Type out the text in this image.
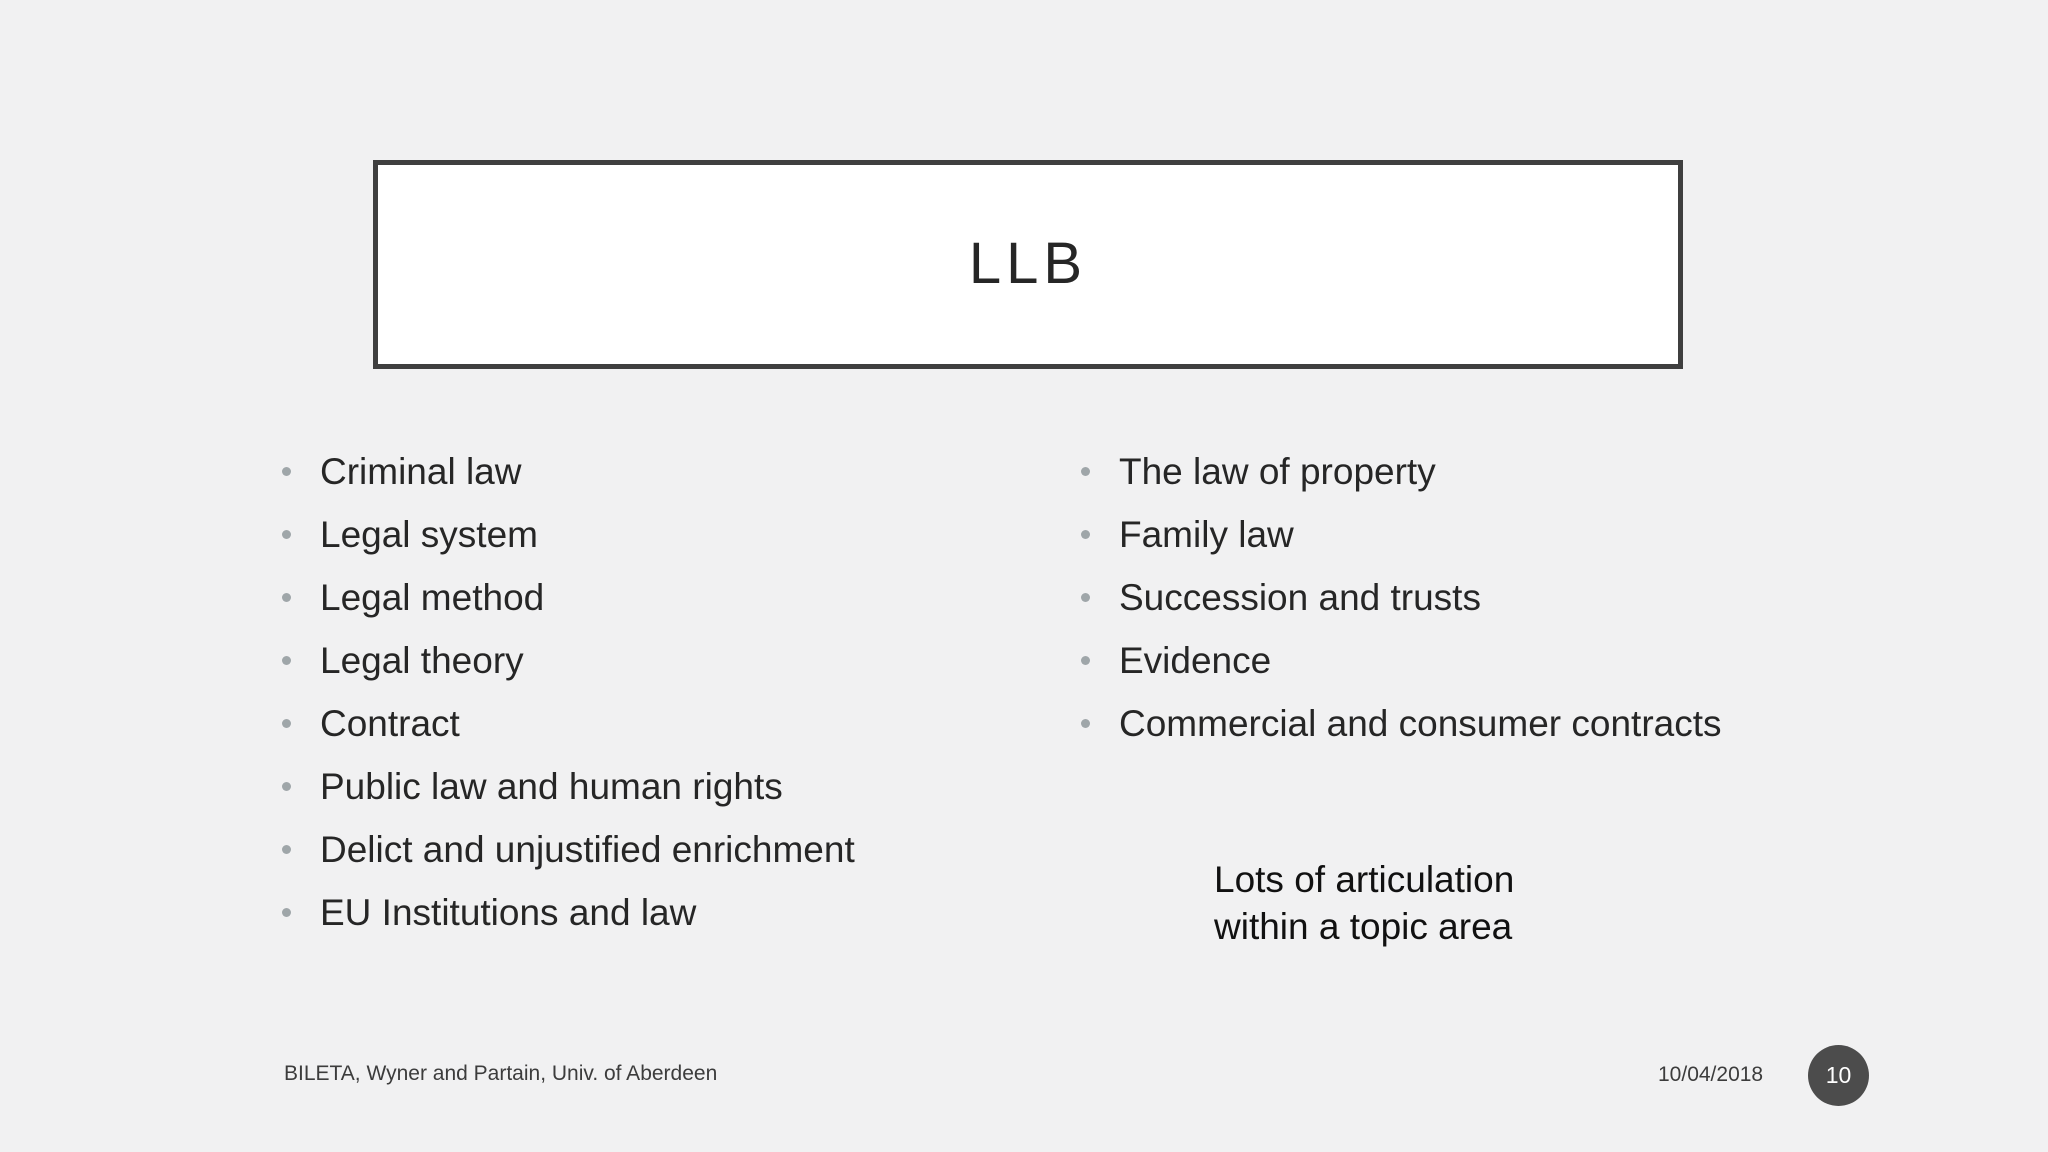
LLB
Criminal law
Legal system
Legal method
Legal theory
Contract
Public law and human rights
Delict and unjustified enrichment
EU Institutions and law
The law of property
Family law
Succession and trusts
Evidence
Commercial and consumer contracts
Lots of articulation
within a topic area
BILETA, Wyner and Partain, Univ. of Aberdeen	10/04/2018	10
